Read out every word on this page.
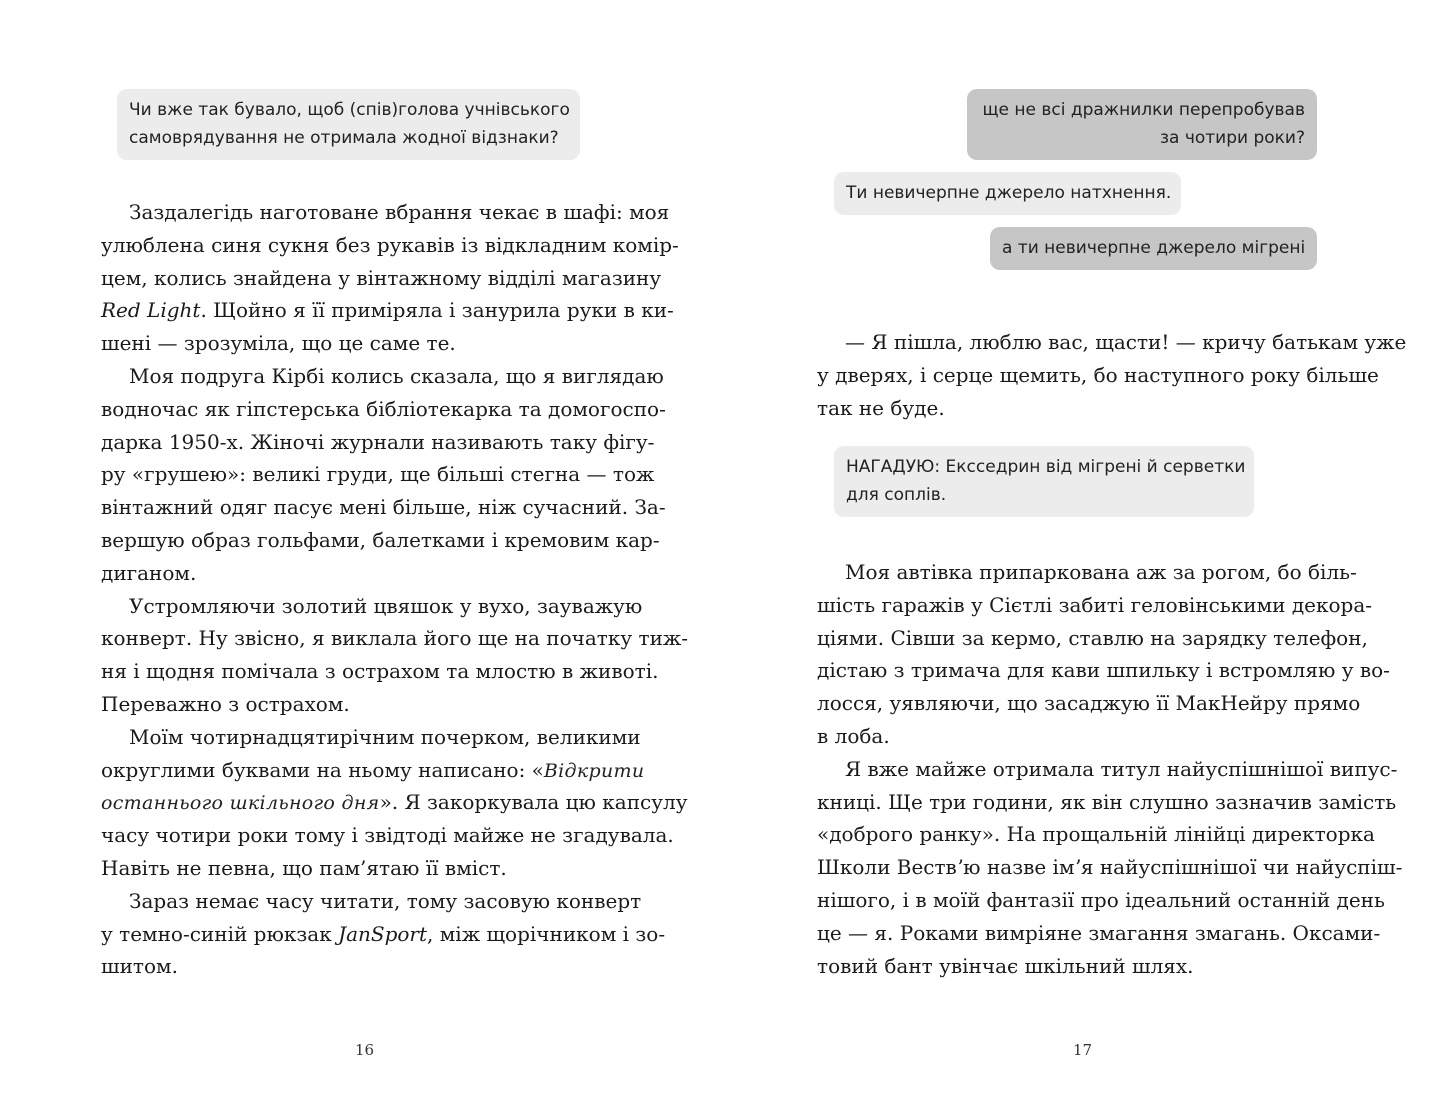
Чи вже так бувало, щоб (спів)голова учнівського
самоврядування не отримала жодної відзнаки?
Заздалегідь наготоване вбрання чекає в шафі: моя
улюблена синя сукня без рукавів із відкладним комір-
цем, колись знайдена у вінтажному відділі магазину
Red Light. Щойно я її приміряла і занурила руки в ки-
шені — зрозуміла, що це саме те.
Моя подруга Кірбі колись сказала, що я виглядаю
водночас як гіпстерська бібліотекарка та домогоспо-
дарка 1950-х. Жіночі журнали називають таку фігу-
ру «грушею»: великі груди, ще більші стегна — тож
вінтажний одяг пасує мені більше, ніж сучасний. За-
вершую образ гольфами, балетками і кремовим кар-
диганом.
Устромляючи золотий цвяшок у вухо, зауважую
конверт. Ну звісно, я виклала його ще на початку тиж-
ня і щодня помічала з острахом та млостю в животі.
Переважно з острахом.
Моїм чотирнадцятирічним почерком, великими
округлими буквами на ньому написано: «Відкрити
останнього шкільного дня». Я закоркувала цю капсулу
часу чотири роки тому і звідтоді майже не згадувала.
Навіть не певна, що пам’ятаю її вміст.
Зараз немає часу читати, тому засовую конверт
у темно-синій рюкзак JanSport, між щорічником і зо-
шитом.
16
ще не всі дражнилки перепробував
за чотири роки?
Ти невичерпне джерело натхнення.
а ти невичерпне джерело мігрені
— Я пішла, люблю вас, щасти! — кричу батькам уже
у дверях, і серце щемить, бо наступного року більше
так не буде.
НАГАДУЮ: Ексседрин від мігрені й серветки
для соплів.
Моя автівка припаркована аж за рогом, бо біль-
шість гаражів у Сієтлі забиті геловінськими декора-
ціями. Сівши за кермо, ставлю на зарядку телефон,
дістаю з тримача для кави шпильку і встромляю у во-
лосся, уявляючи, що засаджую її МакНейру прямо
в лоба.
Я вже майже отримала титул найуспішнішої випус-
книці. Ще три години, як він слушно зазначив замість
«доброго ранку». На прощальній лінійці директорка
Школи Вествʼю назве імʼя найуспішнішої чи найуспіш-
нішого, і в моїй фантазії про ідеальний останній день
це — я. Роками вимріяне змагання змагань. Оксами-
товий бант увінчає шкільний шлях.
17
